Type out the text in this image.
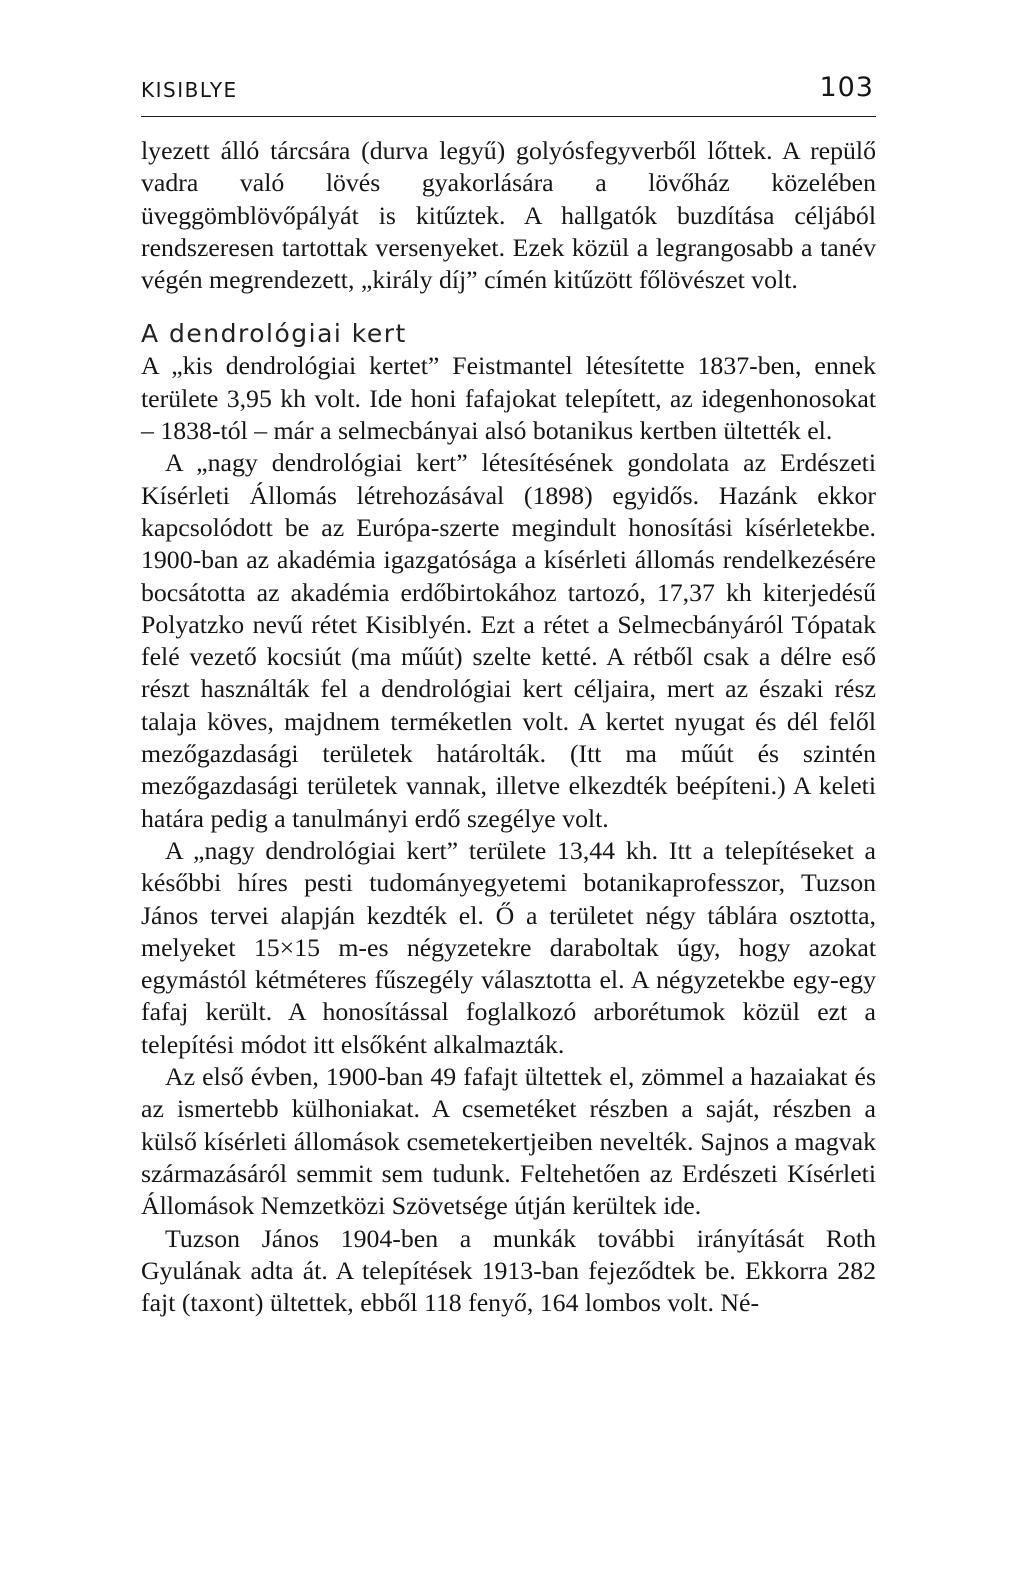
KISIBLYE	103

lyezett álló tárcsára (durva legyű) golyósfegyverből lőttek. A repülő vadra való lövés gyakorlására a lövőház közelében üveggömblövőpályát is kitűztek. A hallgatók buzdítása céljából rendszeresen tartottak versenyeket. Ezek közül a legrangosabb a tanév végén megrendezett, „király díj” címén kitűzött főlövészet volt.

A dendrológiai kert

A „kis dendrológiai kertet” Feistmantel létesítette 1837-ben, ennek területe 3,95 kh volt. Ide honi fafajokat telepített, az idegenhonosokat – 1838-tól – már a selmecbányai alsó botanikus kertben ültették el.

A „nagy dendrológiai kert” létesítésének gondolata az Erdészeti Kísérleti Állomás létrehozásával (1898) egyidős. Hazánk ekkor kapcsolódott be az Európa-szerte megindult honosítási kísérletekbe. 1900-ban az akadémia igazgatósága a kísérleti állomás rendelkezésére bocsátotta az akadémia erdőbirtokához tartozó, 17,37 kh kiterjedésű Polyatzko nevű rétet Kisiblyén. Ezt a rétet a Selmecbányáról Tópatak felé vezető kocsiút (ma műút) szelte ketté. A rétből csak a délre eső részt használták fel a dendrológiai kert céljaira, mert az északi rész talaja köves, majdnem terméketlen volt. A kertet nyugat és dél felől mezőgazdasági területek határolták. (Itt ma műút és szintén mezőgazdasági területek vannak, illetve elkezdték beépíteni.) A keleti határa pedig a tanulmányi erdő szegélye volt.

A „nagy dendrológiai kert” területe 13,44 kh. Itt a telepítéseket a későbbi híres pesti tudományegyetemi botanikaprofesszor, Tuzson János tervei alapján kezdték el. Ő a területet négy táblára osztotta, melyeket 15×15 m-es négyzetekre daraboltak úgy, hogy azokat egymástól kétméteres fűszegély választotta el. A négyzetekbe egy-egy fafaj került. A honosítással foglalkozó arborétumok közül ezt a telepítési módot itt elsőként alkalmazták.

Az első évben, 1900-ban 49 fafajt ültettek el, zömmel a hazaiakat és az ismertebb külhoniakat. A csemetéket részben a saját, részben a külső kísérleti állomások csemetekertjeiben nevelték. Sajnos a magvak származásáról semmit sem tudunk. Feltehetően az Erdészeti Kísérleti Állomások Nemzetközi Szövetsége útján kerültek ide.

Tuzson János 1904-ben a munkák további irányítását Roth Gyulának adta át. A telepítések 1913-ban fejeződtek be. Ekkorra 282 fajt (taxont) ültettek, ebből 118 fenyő, 164 lombos volt. Né-
